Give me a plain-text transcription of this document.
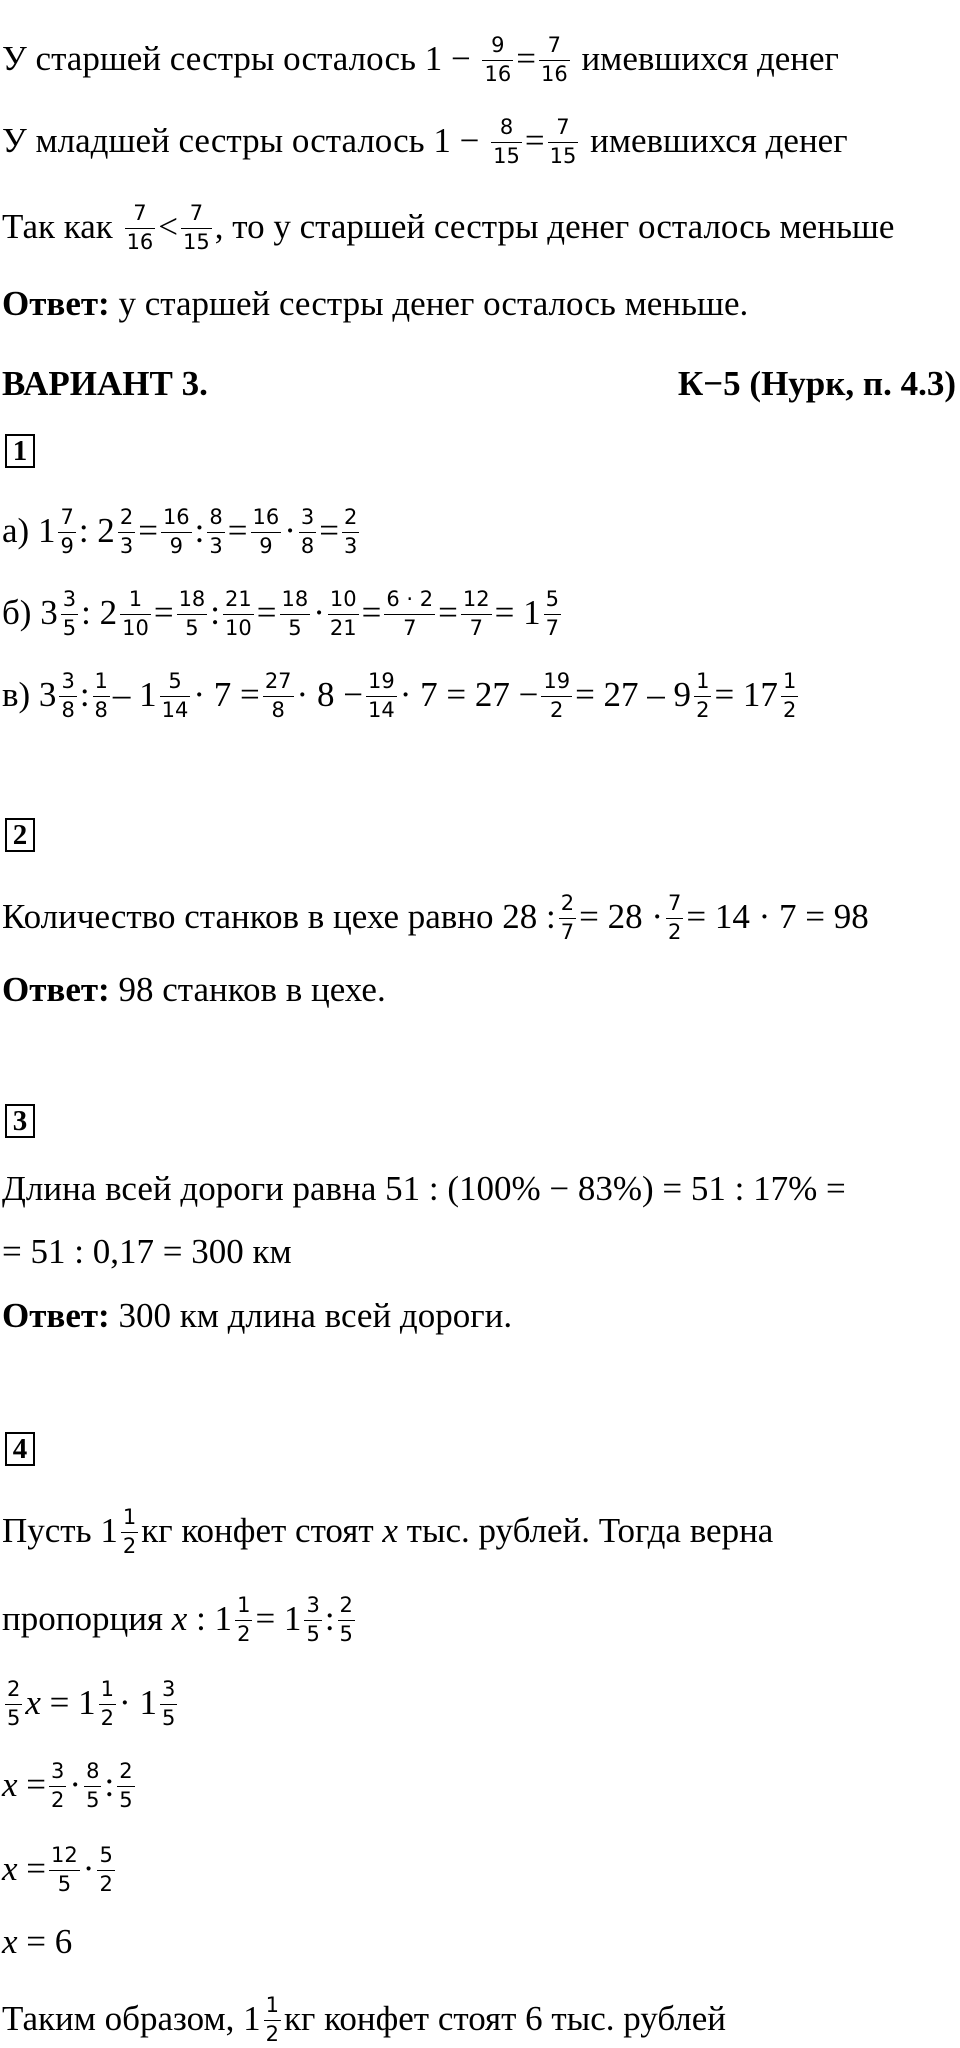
У старшей сестры осталось $1 - \frac{9}{16} = \frac{7}{16}$ имевшихся денег
У младшей сестры осталось $1 - \frac{8}{15} = \frac{7}{15}$ имевшихся денег
Так как $\frac{7}{16} < \frac{7}{15}$ , то у старшей сестры денег осталось меньше
Ответ: у старшей сестры денег осталось меньше.
ВАРИАНТ 3.	К−5 (Нурк, п. 4.3)
1
а) $1 \frac{7}{9}$ : $2 \frac{2}{3} = \frac{16}{9}$ : $\frac{8}{3} = \frac{16}{9} \cdot \frac{3}{8} = \frac{2}{3}$
б) $3 \frac{3}{5}$ : $2 \frac{1}{10} = \frac{18}{5}$ : $\frac{21}{10} = \frac{18}{5} \cdot \frac{10}{21} = \frac{6 \cdot 2}{7} = \frac{12}{7} = 1 \frac{5}{7}$
в) $3 \frac{3}{8}$ : $\frac{1}{8} - 1 \frac{5}{14} \cdot 7 = \frac{27}{8} \cdot 8 - \frac{19}{14} \cdot 7 = 27 - \frac{19}{2} = 27 - 9 \frac{1}{2} = 17 \frac{1}{2}$
2
Количество станков в цехе равно 28 : $\frac{2}{7} = 28 \cdot \frac{7}{2} = 14 \cdot 7 = 98$
Ответ: 98 станков в цехе.
3
Длина всей дороги равна 51 : (100% − 83%) = 51 : 17% =
= 51 : 0,17 = 300 км
Ответ: 300 км длина всей дороги.
4
Пусть $1 \frac{1}{2}$ кг конфет стоят x тыс. рублей. Тогда верна
пропорция x : $1 \frac{1}{2} = 1 \frac{3}{5}$ : $\frac{2}{5}$
$\frac{2}{5}$ $x = 1 \frac{1}{2} \cdot 1 \frac{3}{5}$
$x = \frac{3}{2} \cdot \frac{8}{5}$ : $\frac{2}{5}$
$x = \frac{12}{5} \cdot \frac{5}{2}$
x = 6
Таким образом, $1 \frac{1}{2}$ кг конфет стоят 6 тыс. рублей
